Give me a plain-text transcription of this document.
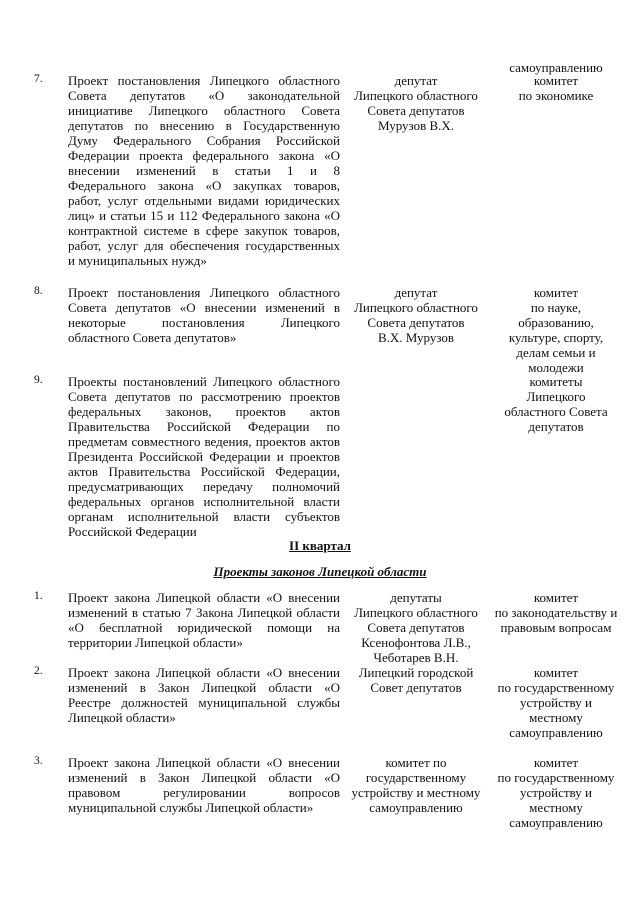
самоуправлению
7. Проект постановления Липецкого областного
Совета депутатов «О законодательной
инициативе Липецкого областного Совета
депутатов по внесению в Государственную
Думу Федерального Собрания Российской
Федерации проекта федерального закона «О
внесении изменений в статьи 1 и 8
Федерального закона «О закупках товаров,
работ, услуг отдельными видами юридических
лиц» и статьи 15 и 112 Федерального закона «О
контрактной системе в сфере закупок товаров,
работ, услуг для обеспечения государственных
и муниципальных нужд»
депутат
Липецкого областного
Совета депутатов
Мурузов В.Х.
комитет
по экономике
8. Проект постановления Липецкого областного
Совета депутатов «О внесении изменений в
некоторые постановления Липецкого
областного Совета депутатов»
депутат
Липецкого областного
Совета депутатов
В.Х. Мурузов
комитет
по науке,
образованию,
культуре, спорту,
делам семьи и
молодежи
9. Проекты постановлений Липецкого областного
Совета депутатов по рассмотрению проектов
федеральных законов, проектов актов
Правительства Российской Федерации по
предметам совместного ведения, проектов актов
Президента Российской Федерации и проектов
актов Правительства Российской Федерации,
предусматривающих передачу полномочий
федеральных органов исполнительной власти
органам исполнительной власти субъектов
Российской Федерации
комитеты
Липецкого
областного Совета
депутатов
II квартал
Проекты законов Липецкой области
1. Проект закона Липецкой области «О внесении
изменений в статью 7 Закона Липецкой области
«О бесплатной юридической помощи на
территории Липецкой области»
депутаты
Липецкого областного
Совета депутатов
Ксенофонтова Л.В.,
Чеботарев В.Н.
комитет
по законодательству и
правовым вопросам
2. Проект закона Липецкой области «О внесении
изменений в Закон Липецкой области «О
Реестре должностей муниципальной службы
Липецкой области»
Липецкий городской
Совет депутатов
комитет
по государственному
устройству и
местному
самоуправлению
3. Проект закона Липецкой области «О внесении
изменений в Закон Липецкой области «О
правовом регулировании вопросов
муниципальной службы Липецкой области»
комитет по
государственному
устройству и местному
самоуправлению
комитет
по государственному
устройству и
местному
самоуправлению
